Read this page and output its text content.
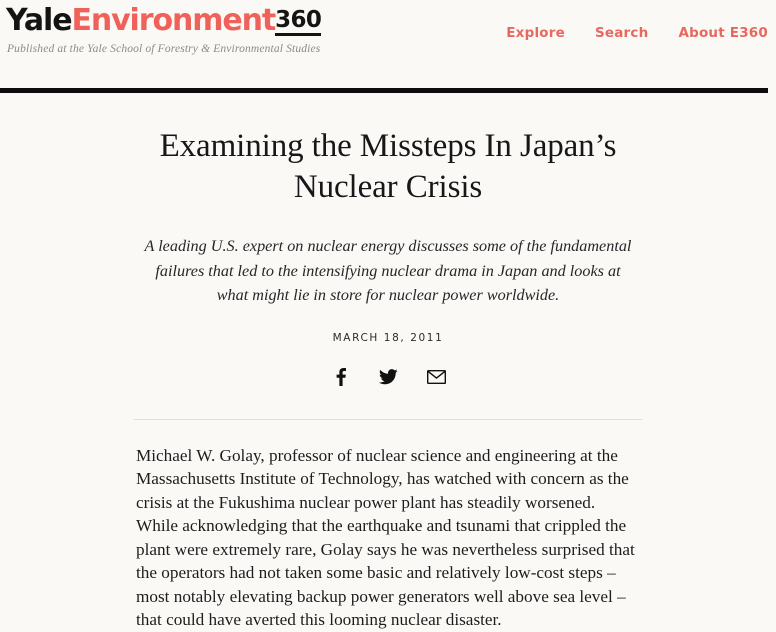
YaleEnvironment360
Published at the Yale School of Forestry & Environmental Studies
Explore Search About E360
Examining the Missteps In Japan’s Nuclear Crisis

A leading U.S. expert on nuclear energy discusses some of the fundamental failures that led to the intensifying nuclear drama in Japan and looks at what might lie in store for nuclear power worldwide.

MARCH 18, 2011

Michael W. Golay, professor of nuclear science and engineering at the Massachusetts Institute of Technology, has watched with concern as the crisis at the Fukushima nuclear power plant has steadily worsened. While acknowledging that the earthquake and tsunami that crippled the plant were extremely rare, Golay says he was nevertheless surprised that the operators had not taken some basic and relatively low-cost steps – most notably elevating backup power generators well above sea level – that could have averted this looming nuclear disaster.
